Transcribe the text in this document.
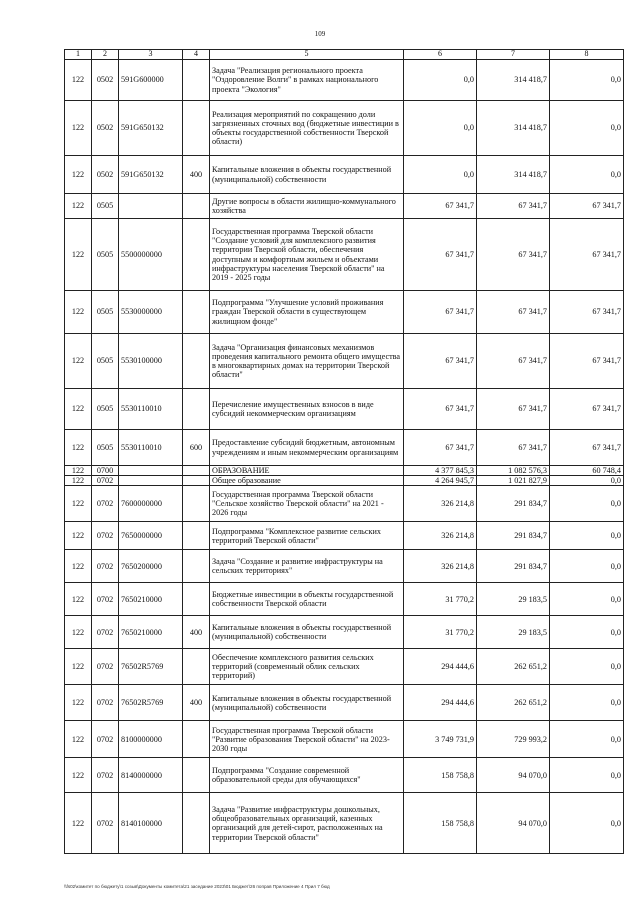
109
1	2	3	4	5	6	7	8
122	0502	591G600000		Задача "Реализация регионального проекта "Оздоровление Волги" в рамках национального проекта "Экология"	0,0	314 418,7	0,0
122	0502	591G650132		Реализация мероприятий по сокращению доли загрязненных сточных вод (бюджетные инвестиции в объекты государственной собственности Тверской области)	0,0	314 418,7	0,0
122	0502	591G650132	400	Капитальные вложения в объекты государственной (муниципальной) собственности	0,0	314 418,7	0,0
122	0505			Другие вопросы в области жилищно-коммунального хозяйства	67 341,7	67 341,7	67 341,7
122	0505	5500000000		Государственная программа Тверской области "Создание условий для комплексного развития территории Тверской области, обеспечения доступным и комфортным жильем и объектами инфраструктуры населения Тверской области" на 2019 - 2025 годы	67 341,7	67 341,7	67 341,7
122	0505	5530000000		Подпрограмма "Улучшение условий проживания граждан Тверской области в существующем жилищном фонде"	67 341,7	67 341,7	67 341,7
122	0505	5530100000		Задача "Организация финансовых механизмов проведения капитального ремонта общего имущества в многоквартирных домах на территории Тверской области"	67 341,7	67 341,7	67 341,7
122	0505	5530110010		Перечисление имущественных взносов в виде субсидий некоммерческим организациям	67 341,7	67 341,7	67 341,7
122	0505	5530110010	600	Предоставление субсидий бюджетным, автономным учреждениям и иным некоммерческим организациям	67 341,7	67 341,7	67 341,7
122	0700			ОБРАЗОВАНИЕ	4 377 845,3	1 082 576,3	60 748,4
122	0702			Общее образование	4 264 945,7	1 021 827,9	0,0
122	0702	7600000000		Государственная программа Тверской области "Сельское хозяйство Тверской области" на 2021 - 2026 годы	326 214,8	291 834,7	0,0
122	0702	7650000000		Подпрограмма "Комплексное развитие сельских территорий Тверской области"	326 214,8	291 834,7	0,0
122	0702	7650200000		Задача "Создание и развитие инфраструктуры на сельских территориях"	326 214,8	291 834,7	0,0
122	0702	7650210000		Бюджетные инвестиции в объекты государственной собственности Тверской области	31 770,2	29 183,5	0,0
122	0702	7650210000	400	Капитальные вложения в объекты государственной (муниципальной) собственности	31 770,2	29 183,5	0,0
122	0702	76502R5769		Обеспечение комплексного развития сельских территорий (современный облик сельских территорий)	294 444,6	262 651,2	0,0
122	0702	76502R5769	400	Капитальные вложения в объекты государственной (муниципальной) собственности	294 444,6	262 651,2	0,0
122	0702	8100000000		Государственная программа Тверской области "Развитие образования Тверской области" на 2023-2030 годы	3 749 731,9	729 993,2	0,0
122	0702	8140000000		Подпрограмма "Создание современной образовательной среды для обучающихся"	158 758,8	94 070,0	0,0
122	0702	8140100000		Задача "Развитие инфраструктуры дошкольных, общеобразовательных организаций, казенных организаций для детей-сирот, расположенных на территории Тверской области"	158 758,8	94 070,0	0,0
\\fs02\комитет по бюджету\1 созыв\Документы комитета\21 заседание 2023\01 Бюджет\26 поправ Приложение 4 Прил 7 бюд
